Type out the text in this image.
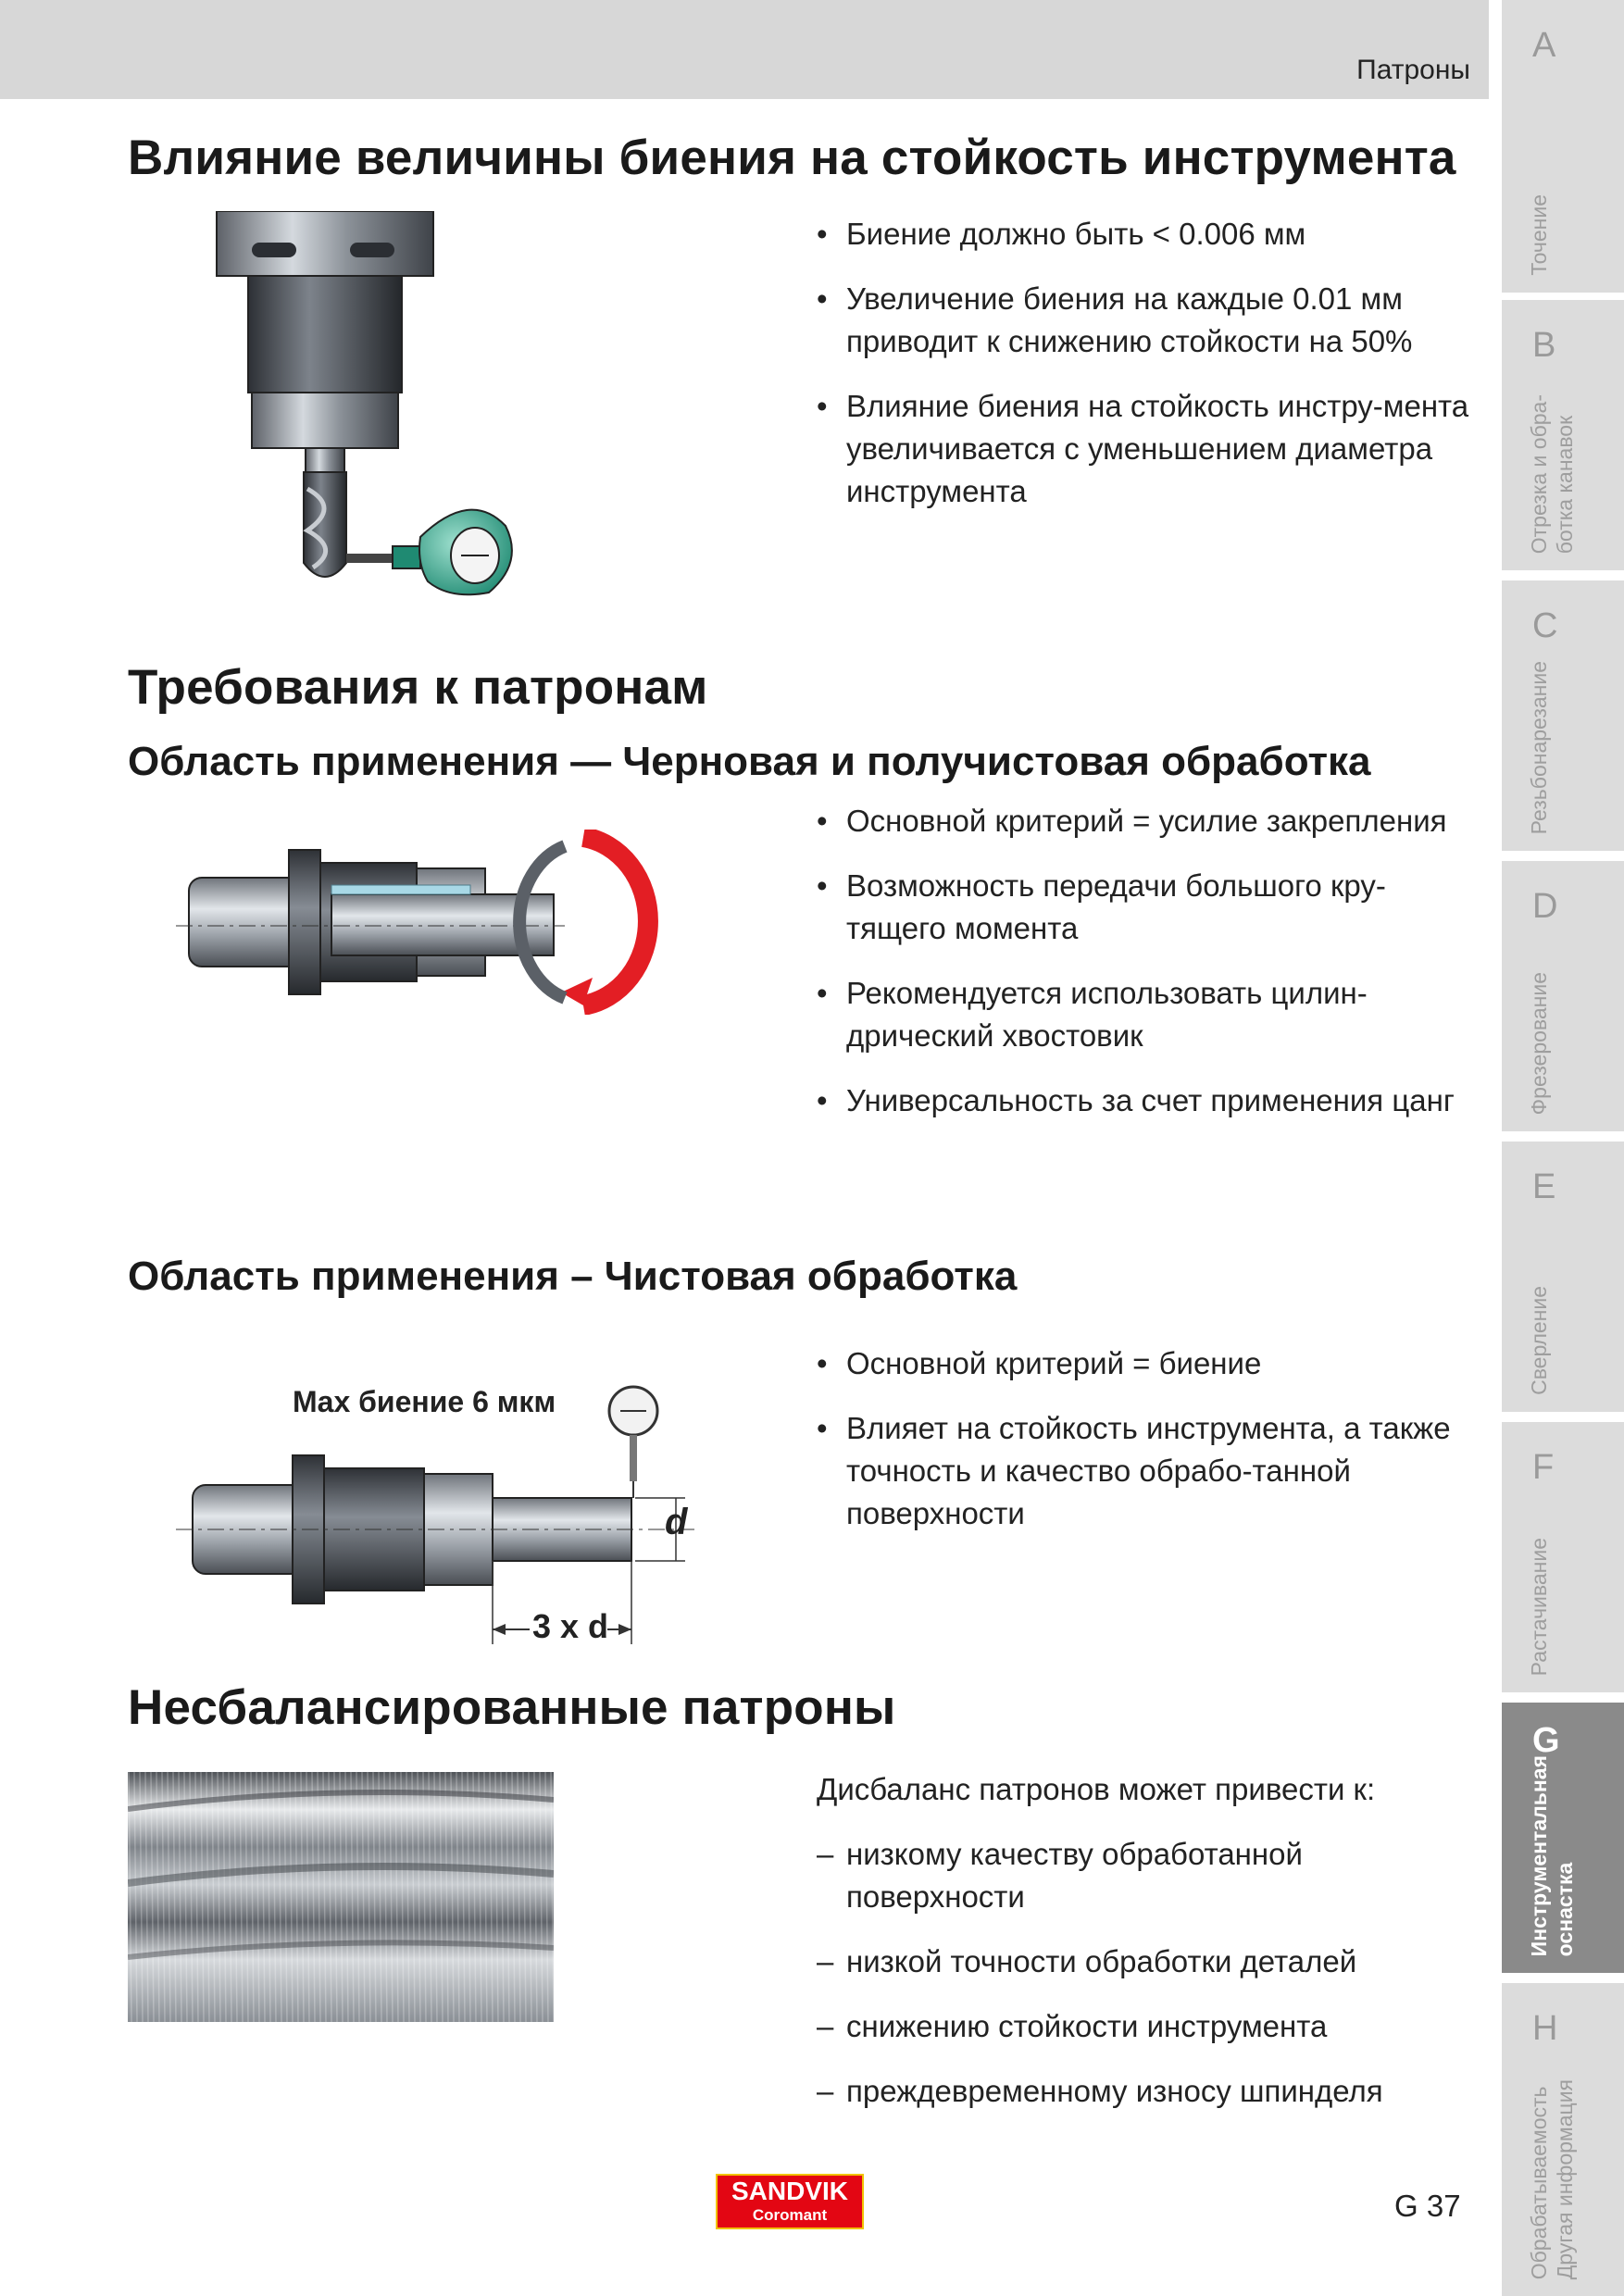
Патроны
Влияние величины биения на стойкость инструмента
• Биение должно быть < 0.006 мм
• Увеличение биения на каждые 0.01 мм приводит к снижению стойкости на 50%
• Влияние биения на стойкость инстру-мента увеличивается с уменьшением диаметра инструмента
Требования к патронам
Область применения — Черновая и получистовая обработка
• Основной критерий = усилие закрепления
• Возможность передачи большого кру-тящего момента
• Рекомендуется использовать цилин-дрический хвостовик
• Универсальность за счет применения цанг
Область применения – Чистовая обработка
Max биение 6 мкм
d
3 x d
• Основной критерий = биение
• Влияет на стойкость инструмента, а также точность и качество обрабо-танной поверхности
Несбалансированные патроны
Дисбаланс патронов может привести к:
– низкому качеству обработанной поверхности
– низкой точности обработки деталей
– снижению стойкости инструмента
– преждевременному износу шпинделя
A
Точение
B
Отрезка и обра-
ботка канавок
C
Резьбонарезание
D
Фрезерование
E
Сверление
F
Растачивание
G
Инструментальная
оснастка
H
Обрабатываемость
Другая информация
SANDVIK
Coromant	G 37
